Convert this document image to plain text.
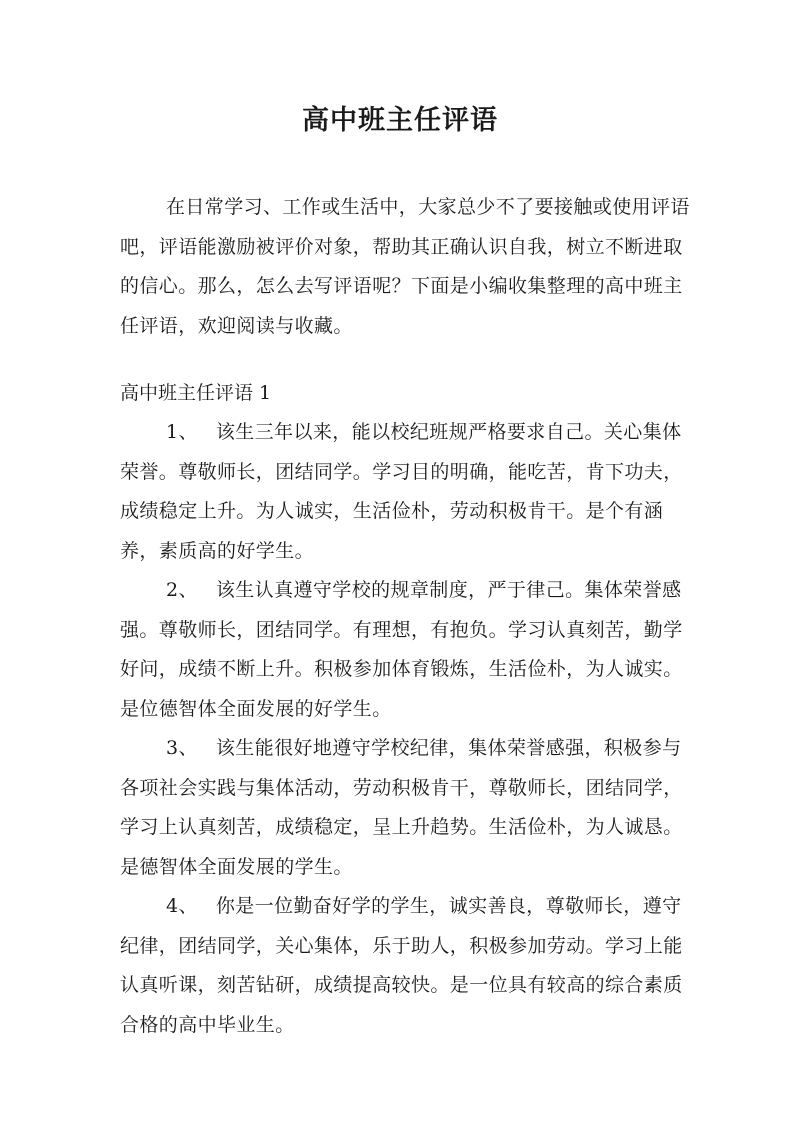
高中班主任评语
在日常学习、工作或生活中，大家总少不了要接触或使用评语吧，评语能激励被评价对象，帮助其正确认识自我，树立不断进取的信心。那么，怎么去写评语呢？下面是小编收集整理的高中班主任评语，欢迎阅读与收藏。
高中班主任评语 1

1、 该生三年以来，能以校纪班规严格要求自己。关心集体荣誉。尊敬师长，团结同学。学习目的明确，能吃苦，肯下功夫，成绩稳定上升。为人诚实，生活俭朴，劳动积极肯干。是个有涵养，素质高的好学生。

2、 该生认真遵守学校的规章制度，严于律己。集体荣誉感强。尊敬师长，团结同学。有理想，有抱负。学习认真刻苦，勤学好问，成绩不断上升。积极参加体育锻炼，生活俭朴，为人诚实。是位德智体全面发展的好学生。

3、 该生能很好地遵守学校纪律，集体荣誉感强，积极参与各项社会实践与集体活动，劳动积极肯干，尊敬师长，团结同学，学习上认真刻苦，成绩稳定，呈上升趋势。生活俭朴，为人诚恳。是德智体全面发展的学生。

4、 你是一位勤奋好学的学生，诚实善良，尊敬师长，遵守纪律，团结同学，关心集体，乐于助人，积极参加劳动。学习上能认真听课，刻苦钻研，成绩提高较快。是一位具有较高的综合素质合格的高中毕业生。
